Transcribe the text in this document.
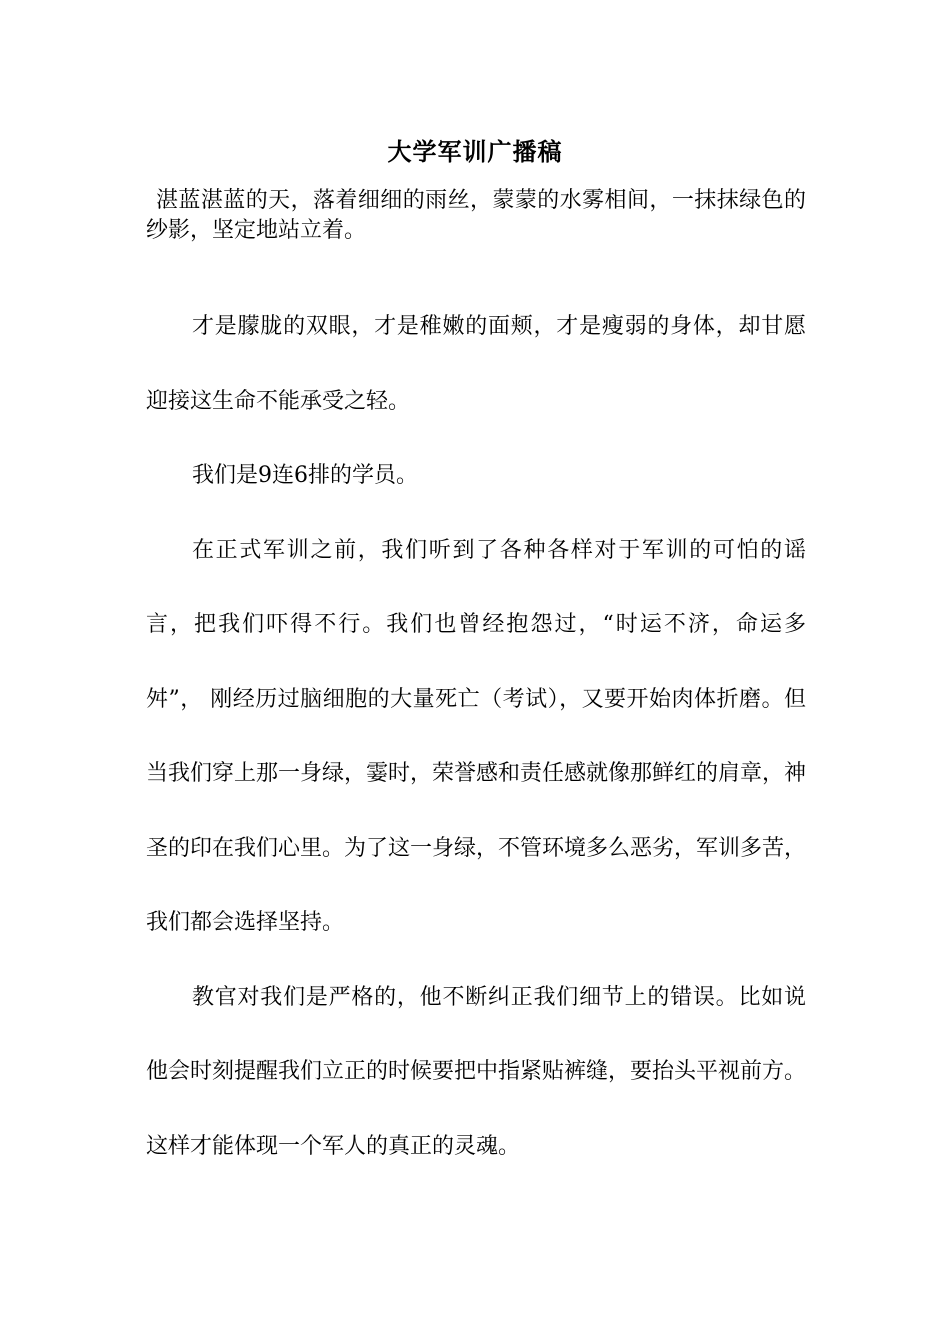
大学军训广播稿

湛蓝湛蓝的天，落着细细的雨丝，蒙蒙的水雾相间，一抹抹绿色的纱影，坚定地站立着。

才是朦胧的双眼，才是稚嫩的面颊，才是瘦弱的身体，却甘愿迎接这生命不能承受之轻。

我们是9连6排的学员。

在正式军训之前，我们听到了各种各样对于军训的可怕的谣言，把我们吓得不行。我们也曾经抱怨过，“时运不济，命运多舛”， 刚经历过脑细胞的大量死亡（考试），又要开始肉体折磨。但当我们穿上那一身绿，霎时，荣誉感和责任感就像那鲜红的肩章，神圣的印在我们心里。为了这一身绿，不管环境多么恶劣，军训多苦，我们都会选择坚持。

教官对我们是严格的，他不断纠正我们细节上的错误。比如说他会时刻提醒我们立正的时候要把中指紧贴裤缝，要抬头平视前方。这样才能体现一个军人的真正的灵魂。
